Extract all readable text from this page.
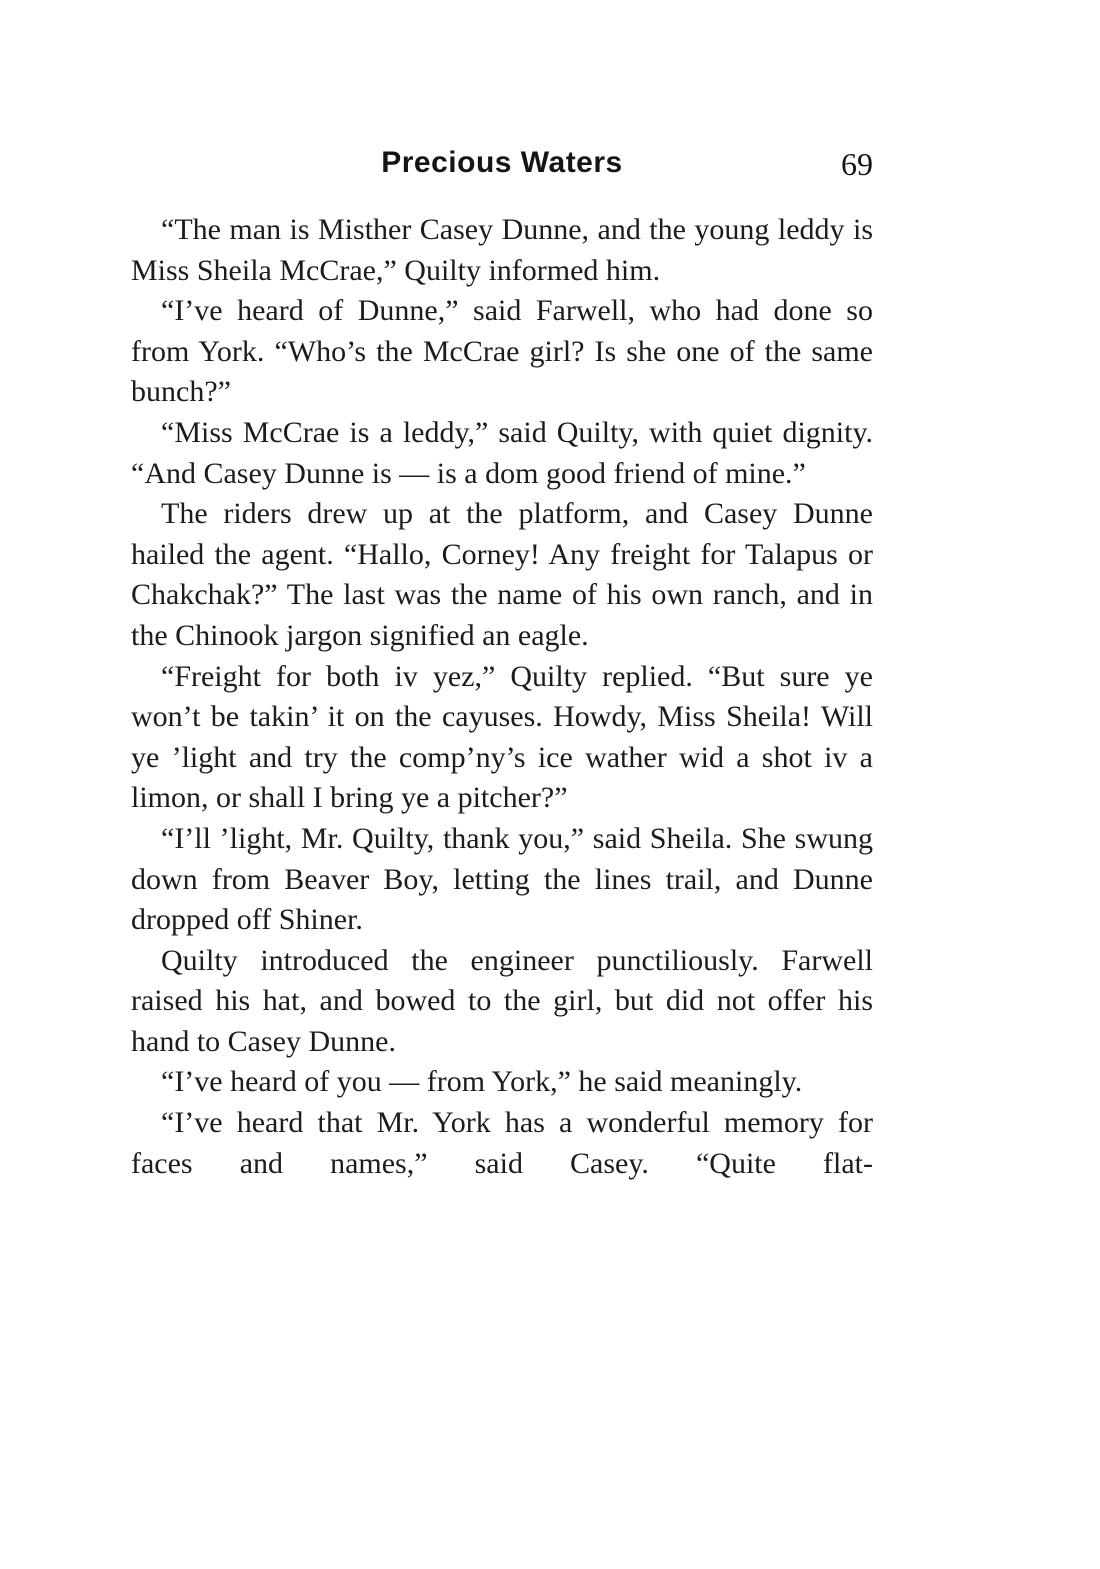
Precious Waters	69

“The man is Misther Casey Dunne, and the young leddy is Miss Sheila McCrae,” Quilty informed him.

“I’ve heard of Dunne,” said Farwell, who had done so from York. “Who’s the McCrae girl? Is she one of the same bunch?”

“Miss McCrae is a leddy,” said Quilty, with quiet dignity. “And Casey Dunne is — is a dom good friend of mine.”

The riders drew up at the platform, and Casey Dunne hailed the agent. “Hallo, Corney! Any freight for Talapus or Chakchak?” The last was the name of his own ranch, and in the Chinook jargon signified an eagle.

“Freight for both iv yez,” Quilty replied. “But sure ye won’t be takin’ it on the cayuses. Howdy, Miss Sheila! Will ye ’light and try the comp’ny’s ice wather wid a shot iv a limon, or shall I bring ye a pitcher?”

“I’ll ’light, Mr. Quilty, thank you,” said Sheila. She swung down from Beaver Boy, letting the lines trail, and Dunne dropped off Shiner.

Quilty introduced the engineer punctiliously. Farwell raised his hat, and bowed to the girl, but did not offer his hand to Casey Dunne.

“I’ve heard of you — from York,” he said meaningly.

“I’ve heard that Mr. York has a wonderful memory for faces and names,” said Casey. “Quite flat-
